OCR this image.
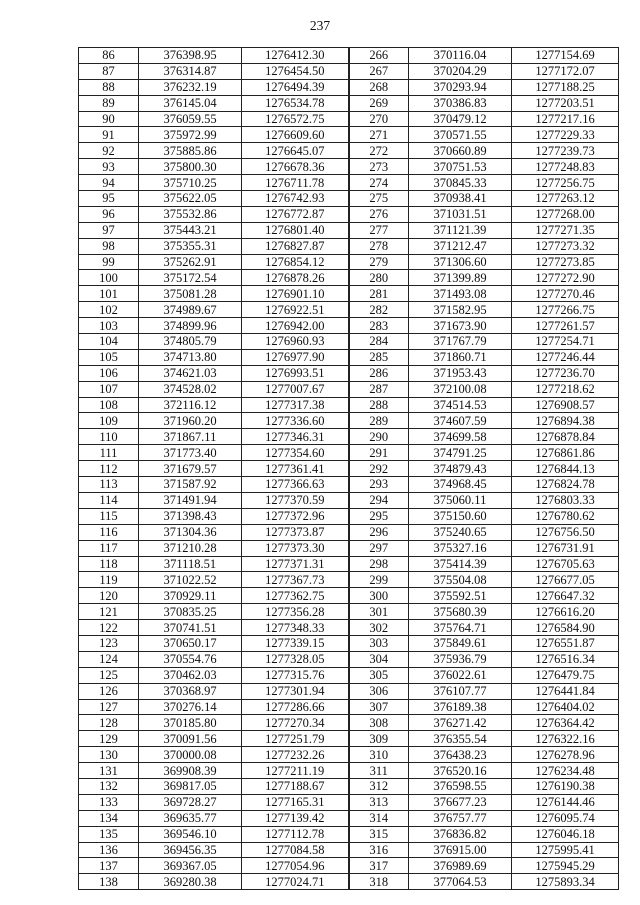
237
86	376398.95	1276412.30	266	370116.04	1277154.69
87	376314.87	1276454.50	267	370204.29	1277172.07
88	376232.19	1276494.39	268	370293.94	1277188.25
89	376145.04	1276534.78	269	370386.83	1277203.51
90	376059.55	1276572.75	270	370479.12	1277217.16
91	375972.99	1276609.60	271	370571.55	1277229.33
92	375885.86	1276645.07	272	370660.89	1277239.73
93	375800.30	1276678.36	273	370751.53	1277248.83
94	375710.25	1276711.78	274	370845.33	1277256.75
95	375622.05	1276742.93	275	370938.41	1277263.12
96	375532.86	1276772.87	276	371031.51	1277268.00
97	375443.21	1276801.40	277	371121.39	1277271.35
98	375355.31	1276827.87	278	371212.47	1277273.32
99	375262.91	1276854.12	279	371306.60	1277273.85
100	375172.54	1276878.26	280	371399.89	1277272.90
101	375081.28	1276901.10	281	371493.08	1277270.46
102	374989.67	1276922.51	282	371582.95	1277266.75
103	374899.96	1276942.00	283	371673.90	1277261.57
104	374805.79	1276960.93	284	371767.79	1277254.71
105	374713.80	1276977.90	285	371860.71	1277246.44
106	374621.03	1276993.51	286	371953.43	1277236.70
107	374528.02	1277007.67	287	372100.08	1277218.62
108	372116.12	1277317.38	288	374514.53	1276908.57
109	371960.20	1277336.60	289	374607.59	1276894.38
110	371867.11	1277346.31	290	374699.58	1276878.84
111	371773.40	1277354.60	291	374791.25	1276861.86
112	371679.57	1277361.41	292	374879.43	1276844.13
113	371587.92	1277366.63	293	374968.45	1276824.78
114	371491.94	1277370.59	294	375060.11	1276803.33
115	371398.43	1277372.96	295	375150.60	1276780.62
116	371304.36	1277373.87	296	375240.65	1276756.50
117	371210.28	1277373.30	297	375327.16	1276731.91
118	371118.51	1277371.31	298	375414.39	1276705.63
119	371022.52	1277367.73	299	375504.08	1276677.05
120	370929.11	1277362.75	300	375592.51	1276647.32
121	370835.25	1277356.28	301	375680.39	1276616.20
122	370741.51	1277348.33	302	375764.71	1276584.90
123	370650.17	1277339.15	303	375849.61	1276551.87
124	370554.76	1277328.05	304	375936.79	1276516.34
125	370462.03	1277315.76	305	376022.61	1276479.75
126	370368.97	1277301.94	306	376107.77	1276441.84
127	370276.14	1277286.66	307	376189.38	1276404.02
128	370185.80	1277270.34	308	376271.42	1276364.42
129	370091.56	1277251.79	309	376355.54	1276322.16
130	370000.08	1277232.26	310	376438.23	1276278.96
131	369908.39	1277211.19	311	376520.16	1276234.48
132	369817.05	1277188.67	312	376598.55	1276190.38
133	369728.27	1277165.31	313	376677.23	1276144.46
134	369635.77	1277139.42	314	376757.77	1276095.74
135	369546.10	1277112.78	315	376836.82	1276046.18
136	369456.35	1277084.58	316	376915.00	1275995.41
137	369367.05	1277054.96	317	376989.69	1275945.29
138	369280.38	1277024.71	318	377064.53	1275893.34
